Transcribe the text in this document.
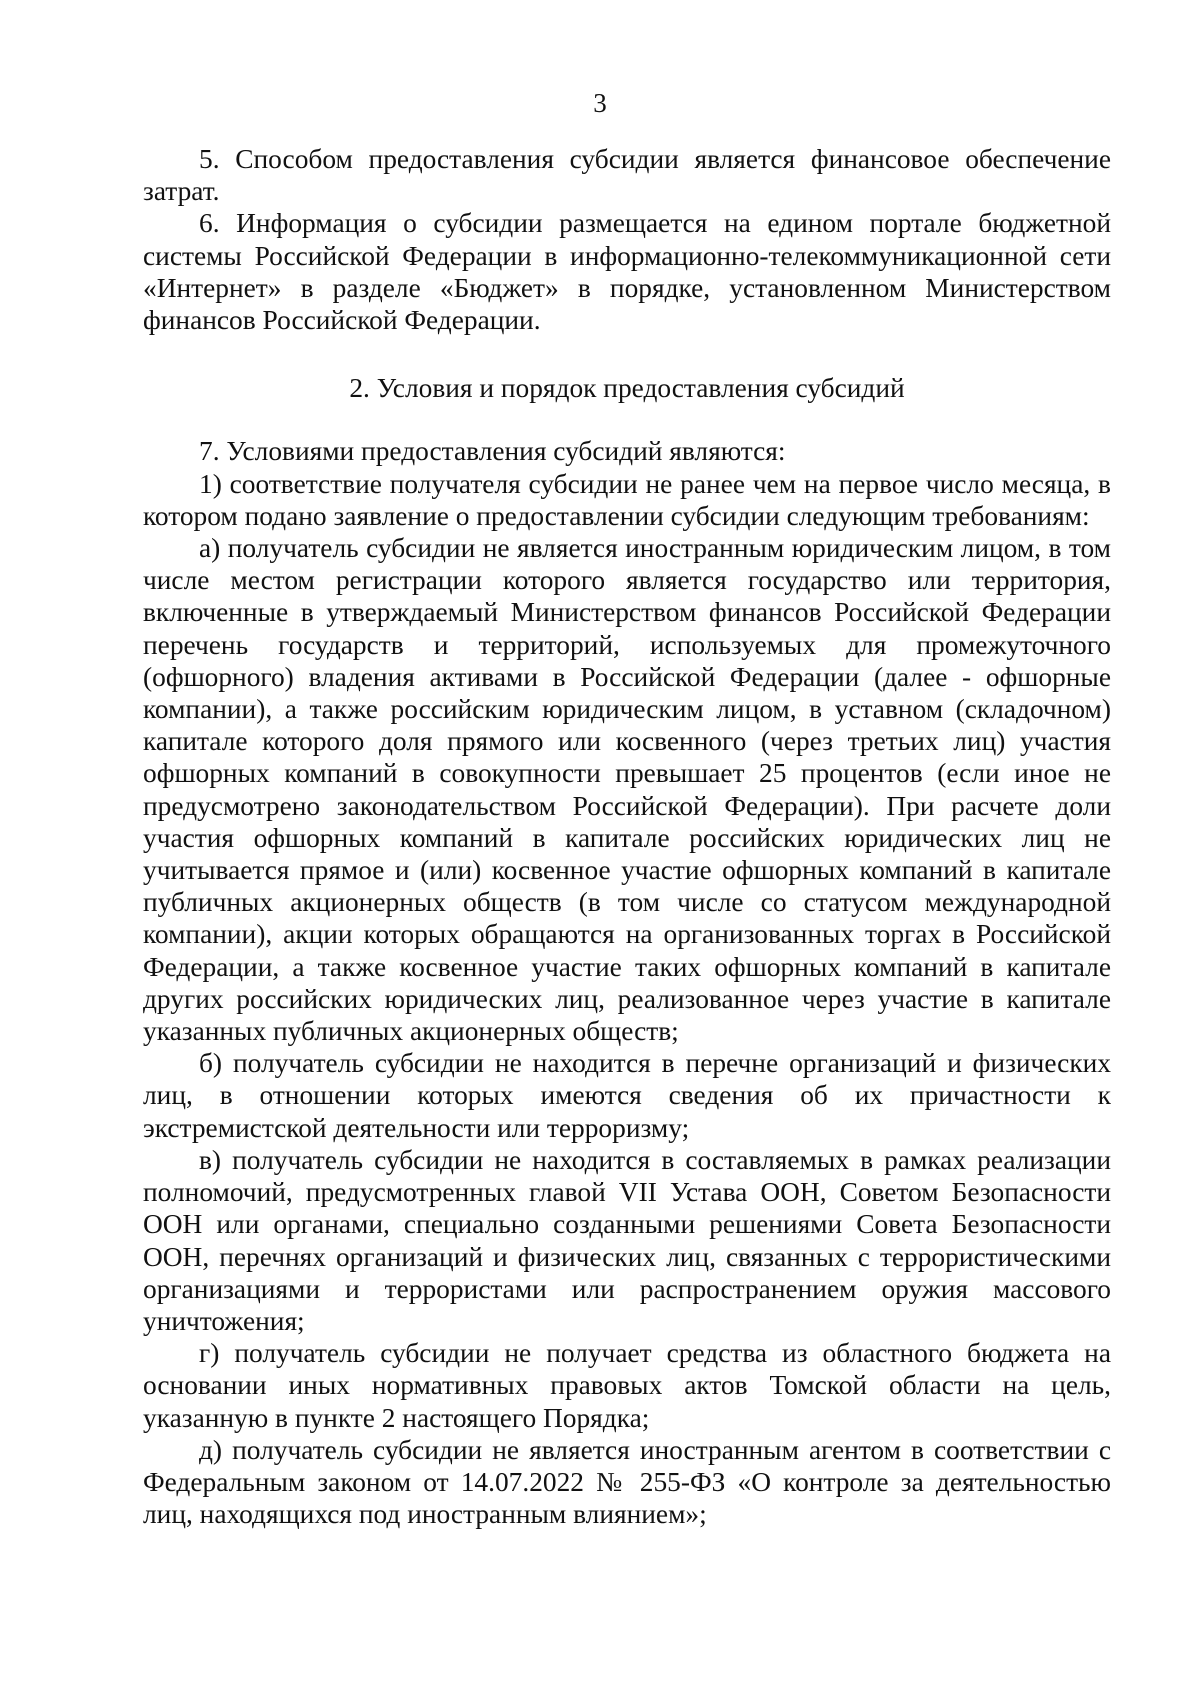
3

5. Способом предоставления субсидии является финансовое обеспечение затрат.

6. Информация о субсидии размещается на едином портале бюджетной системы Российской Федерации в информационно-телекоммуникационной сети «Интернет» в разделе «Бюджет» в порядке, установленном Министерством финансов Российской Федерации.

2. Условия и порядок предоставления субсидий

7. Условиями предоставления субсидий являются:

1) соответствие получателя субсидии не ранее чем на первое число месяца, в котором подано заявление о предоставлении субсидии следующим требованиям:

а) получатель субсидии не является иностранным юридическим лицом, в том числе местом регистрации которого является государство или территория, включенные в утверждаемый Министерством финансов Российской Федерации перечень государств и территорий, используемых для промежуточного (офшорного) владения активами в Российской Федерации (далее - офшорные компании), а также российским юридическим лицом, в уставном (складочном) капитале которого доля прямого или косвенного (через третьих лиц) участия офшорных компаний в совокупности превышает 25 процентов (если иное не предусмотрено законодательством Российской Федерации). При расчете доли участия офшорных компаний в капитале российских юридических лиц не учитывается прямое и (или) косвенное участие офшорных компаний в капитале публичных акционерных обществ (в том числе со статусом международной компании), акции которых обращаются на организованных торгах в Российской Федерации, а также косвенное участие таких офшорных компаний в капитале других российских юридических лиц, реализованное через участие в капитале указанных публичных акционерных обществ;

б) получатель субсидии не находится в перечне организаций и физических лиц, в отношении которых имеются сведения об их причастности к экстремистской деятельности или терроризму;

в) получатель субсидии не находится в составляемых в рамках реализации полномочий, предусмотренных главой VII Устава ООН, Советом Безопасности ООН или органами, специально созданными решениями Совета Безопасности ООН, перечнях организаций и физических лиц, связанных с террористическими организациями и террористами или распространением оружия массового уничтожения;

г) получатель субсидии не получает средства из областного бюджета на основании иных нормативных правовых актов Томской области на цель, указанную в пункте 2 настоящего Порядка;

д) получатель субсидии не является иностранным агентом в соответствии с Федеральным законом от 14.07.2022 № 255-ФЗ «О контроле за деятельностью лиц, находящихся под иностранным влиянием»;
